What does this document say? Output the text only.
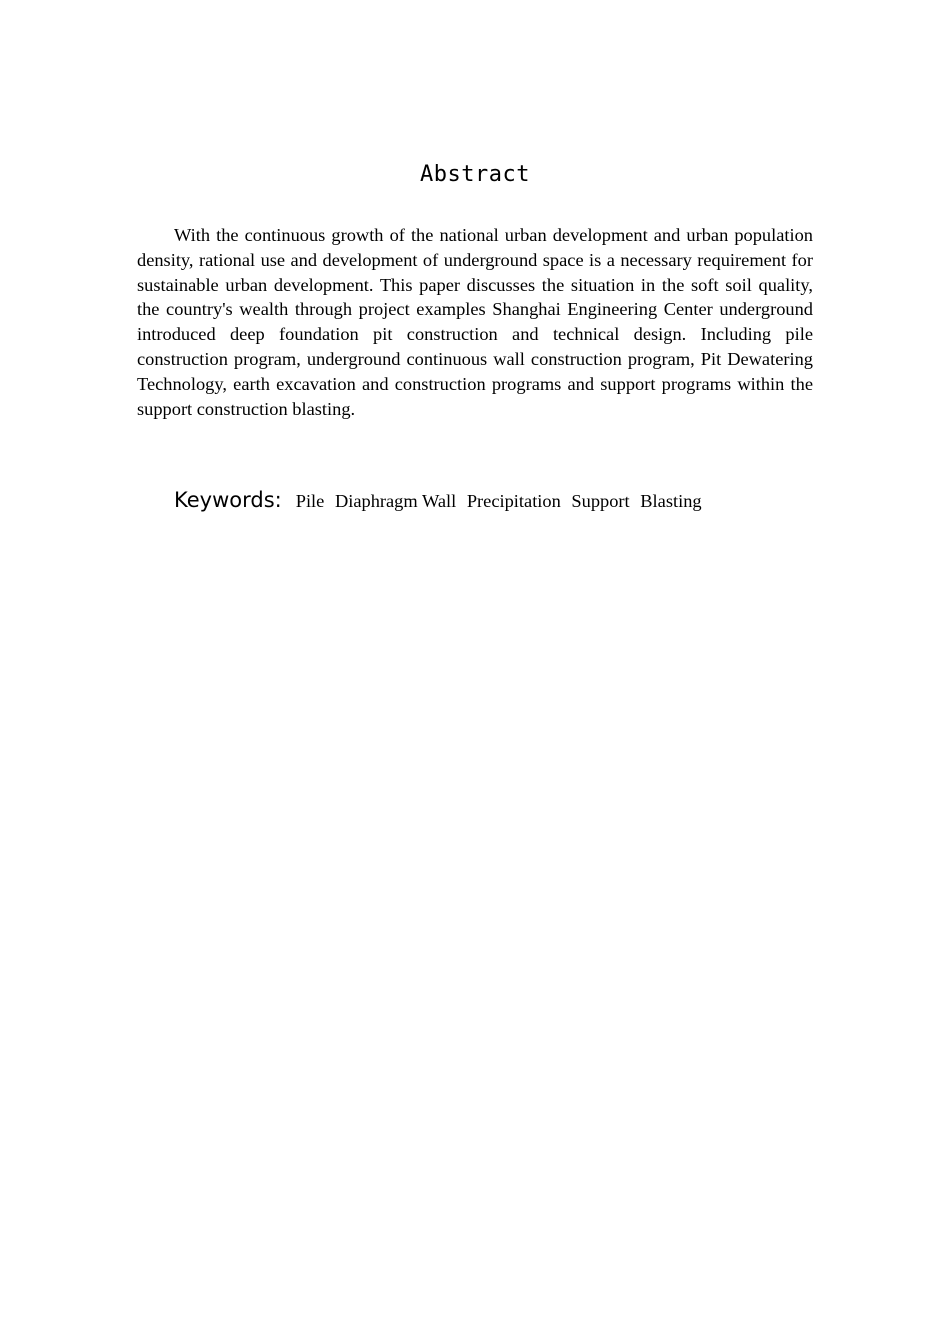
Abstract

With the continuous growth of the national urban development and urban population density, rational use and development of underground space is a necessary requirement for sustainable urban development. This paper discusses the situation in the soft soil quality, the country's wealth through project examples Shanghai Engineering Center underground introduced deep foundation pit construction and technical design. Including pile construction program, underground continuous wall construction program, Pit Dewatering Technology, earth excavation and construction programs and support programs within the support construction blasting.

Keywords: Pile Diaphragm Wall Precipitation Support Blasting
